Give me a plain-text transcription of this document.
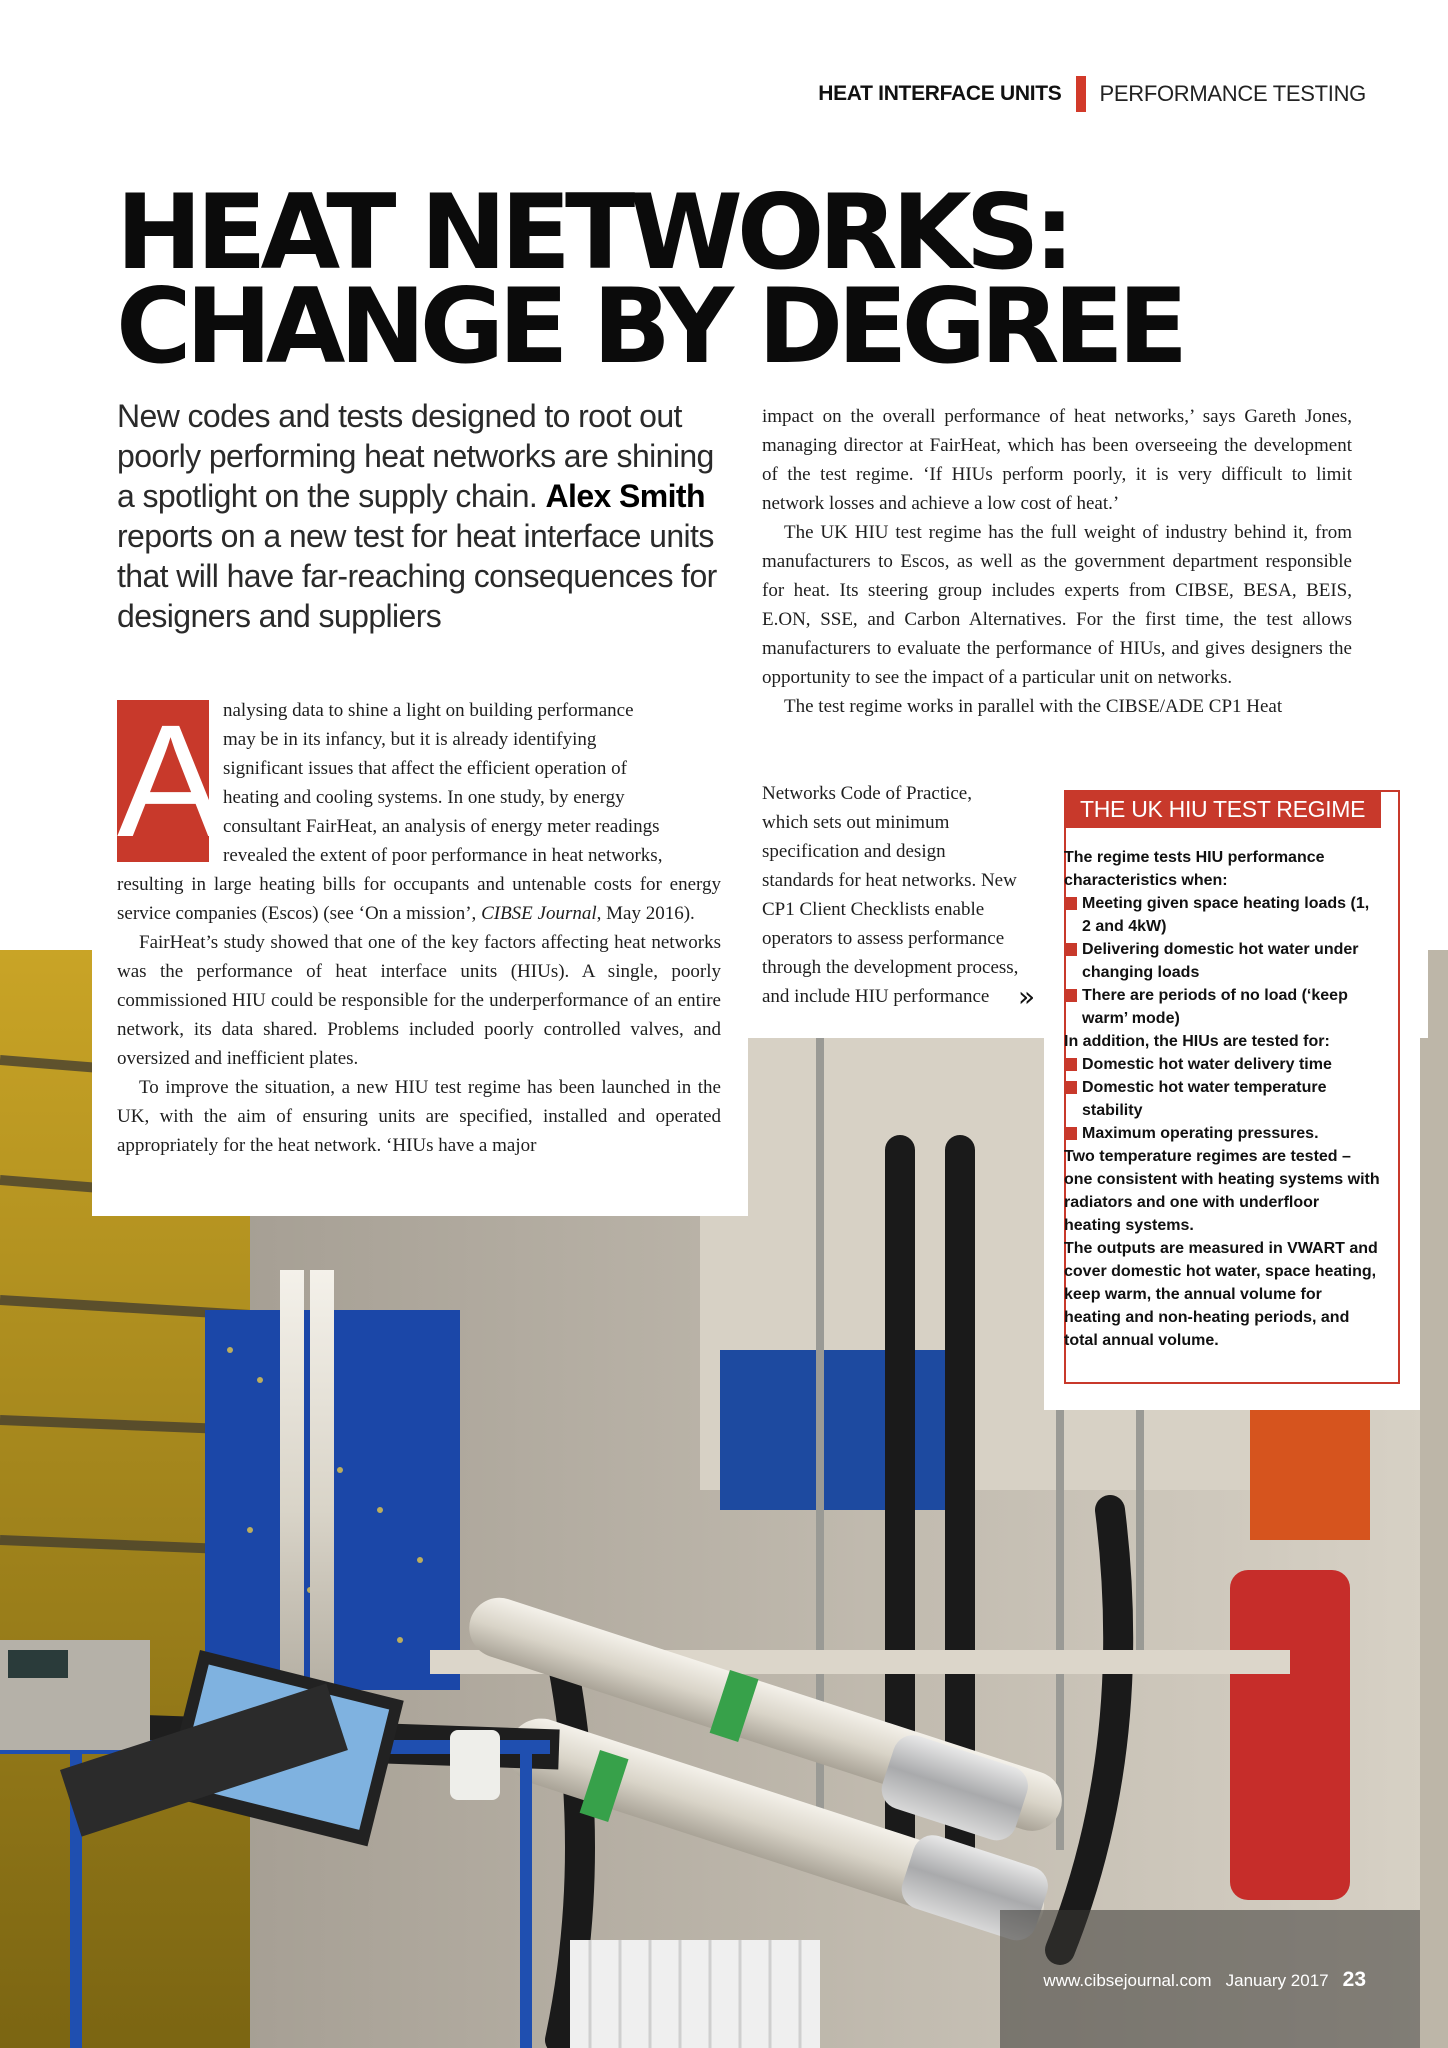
HEAT INTERFACE UNITS PERFORMANCE TESTING
HEAT NETWORKS:
CHANGE BY DEGREE
New codes and tests designed to root out poorly performing heat networks are shining a spotlight on the supply chain. Alex Smith reports on a new test for heat interface units that will have far-reaching consequences for designers and suppliers
A nalysing data to shine a light on building performance
may be in its infancy, but it is already identifying
significant issues that affect the efficient operation of
heating and cooling systems. In one study, by energy
consultant FairHeat, an analysis of energy meter readings
revealed the extent of poor performance in heat networks,

resulting in large heating bills for occupants and untenable costs for energy service companies (Escos) (see ‘On a mission’, CIBSE Journal, May 2016).

FairHeat’s study showed that one of the key factors affecting heat networks was the performance of heat interface units (HIUs). A single, poorly commissioned HIU could be responsible for the underperformance of an entire network, its data shared. Problems included poorly controlled valves, and oversized and inefficient plates.

To improve the situation, a new HIU test regime has been launched in the UK, with the aim of ensuring units are specified, installed and operated appropriately for the heat network. ‘HIUs have a major

impact on the overall performance of heat networks,’ says Gareth Jones, managing director at FairHeat, which has been overseeing the development of the test regime. ‘If HIUs perform poorly, it is very difficult to limit network losses and achieve a low cost of heat.’

The UK HIU test regime has the full weight of industry behind it, from manufacturers to Escos, as well as the government department responsible for heat. Its steering group includes experts from CIBSE, BESA, BEIS, E.ON, SSE, and Carbon Alternatives. For the first time, the test allows manufacturers to evaluate the performance of HIUs, and gives designers the opportunity to see the impact of a particular unit on networks.

The test regime works in parallel with the CIBSE/ADE CP1 Heat

Networks Code of Practice, which sets out minimum specification and design standards for heat networks. New CP1 Client Checklists enable operators to assess performance through the development process, and include HIU performance	»
THE UK HIU TEST REGIME

The regime tests HIU performance characteristics when:

Meeting given space heating loads (1, 2 and 4kW)

Delivering domestic hot water under changing loads

There are periods of no load (‘keep warm’ mode)

In addition, the HIUs are tested for:

Domestic hot water delivery time

Domestic hot water temperature stability

Maximum operating pressures.

Two temperature regimes are tested – one consistent with heating systems with radiators and one with underfloor heating systems.

The outputs are measured in VWART and cover domestic hot water, space heating, keep warm, the annual volume for heating and non-heating periods, and total annual volume.

www.cibsejournal.com January 2017 23
